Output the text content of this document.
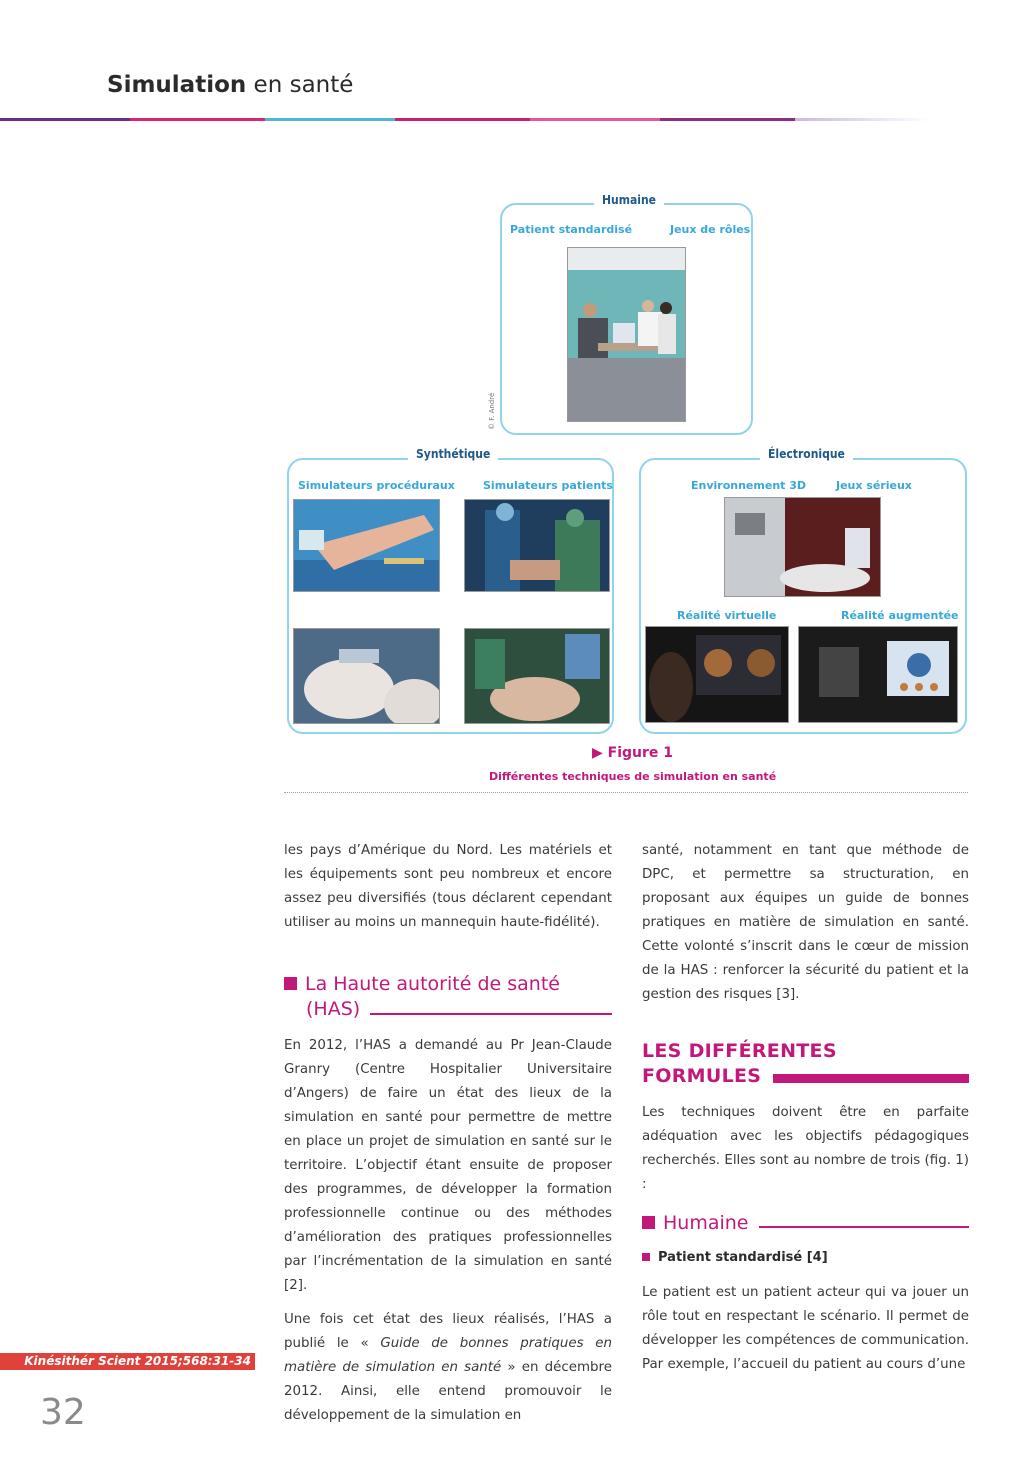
Simulation en santé
Humaine
Patient standardisé	Jeux de rôles
© F. André
Synthétique
Simulateurs procéduraux	Simulateurs patients
Électronique
Environnement 3D	Jeux sérieux
Réalité virtuelle	Réalité augmentée
▶ Figure 1
Différentes techniques de simulation en santé

les pays d’Amérique du Nord. Les matériels et les équipements sont peu nombreux et encore assez peu diversifiés (tous déclarent cependant utiliser au moins un mannequin haute-fidélité).

La Haute autorité de santé
(HAS)

En 2012, l’HAS a demandé au Pr Jean-Claude Granry (Centre Hospitalier Universitaire d’Angers) de faire un état des lieux de la simulation en santé pour permettre de mettre en place un projet de simulation en santé sur le territoire. L’objectif étant ensuite de proposer des programmes, de développer la formation professionnelle continue ou des méthodes d’amélioration des pratiques professionnelles par l’incrémentation de la simulation en santé [2].

Une fois cet état des lieux réalisés, l’HAS a publié le « Guide de bonnes pratiques en matière de simulation en santé » en décembre 2012. Ainsi, elle entend promouvoir le développement de la simulation en

santé, notamment en tant que méthode de DPC, et permettre sa structuration, en proposant aux équipes un guide de bonnes pratiques en matière de simulation en santé. Cette volonté s’inscrit dans le cœur de mission de la HAS : renforcer la sécurité du patient et la gestion des risques [3].

LES DIFFÉRENTES
FORMULES

Les techniques doivent être en parfaite adéquation avec les objectifs pédagogiques recherchés. Elles sont au nombre de trois (fig. 1) :

Humaine
Patient standardisé [4]

Le patient est un patient acteur qui va jouer un rôle tout en respectant le scénario. Il permet de développer les compétences de communication. Par exemple, l’accueil du patient au cours d’une

Kinésithér Scient 2015;568:31-34
32
